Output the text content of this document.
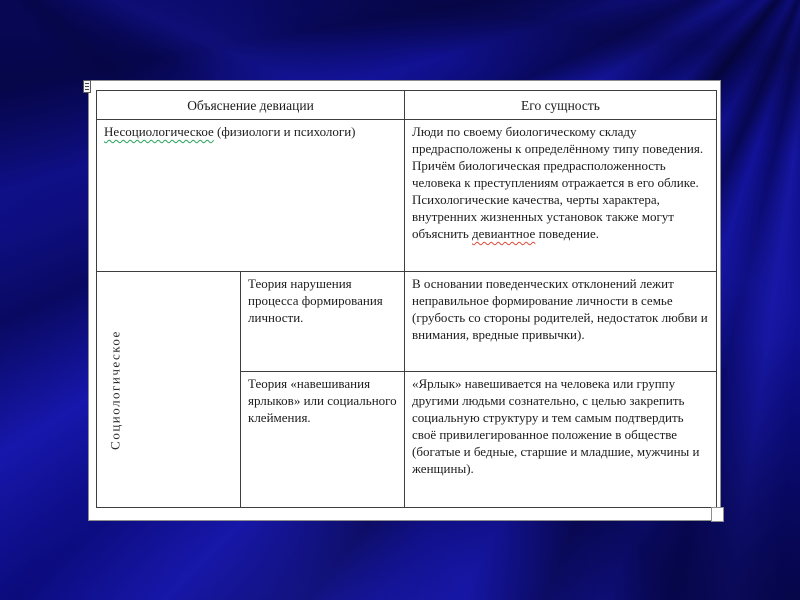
Объяснение девиации		Его сущность
Несоциологическое (физиологи и психологи)		Люди по своему биологическому складу предрасположены к определённому типу поведения. Причём биологическая предрасположенность человека к преступлениям отражается в его облике. Психологические качества, черты характера, внутренних жизненных установок также могут объяснить девиантное поведение.

Социологическое	Теория нарушения процесса формирования личности.	В основании поведенческих отклонений лежит неправильное формирование личности в семье (грубость со стороны родителей, недостаток любви и внимания, вредные привычки).
	Теория «навешивания ярлыков» или социального клеймения.	«Ярлык» навешивается на человека или группу другими людьми сознательно, с целью закрепить социальную структуру и тем самым подтвердить своё привилегированное положение в обществе (богатые и бедные, старшие и младшие, мужчины и женщины).
